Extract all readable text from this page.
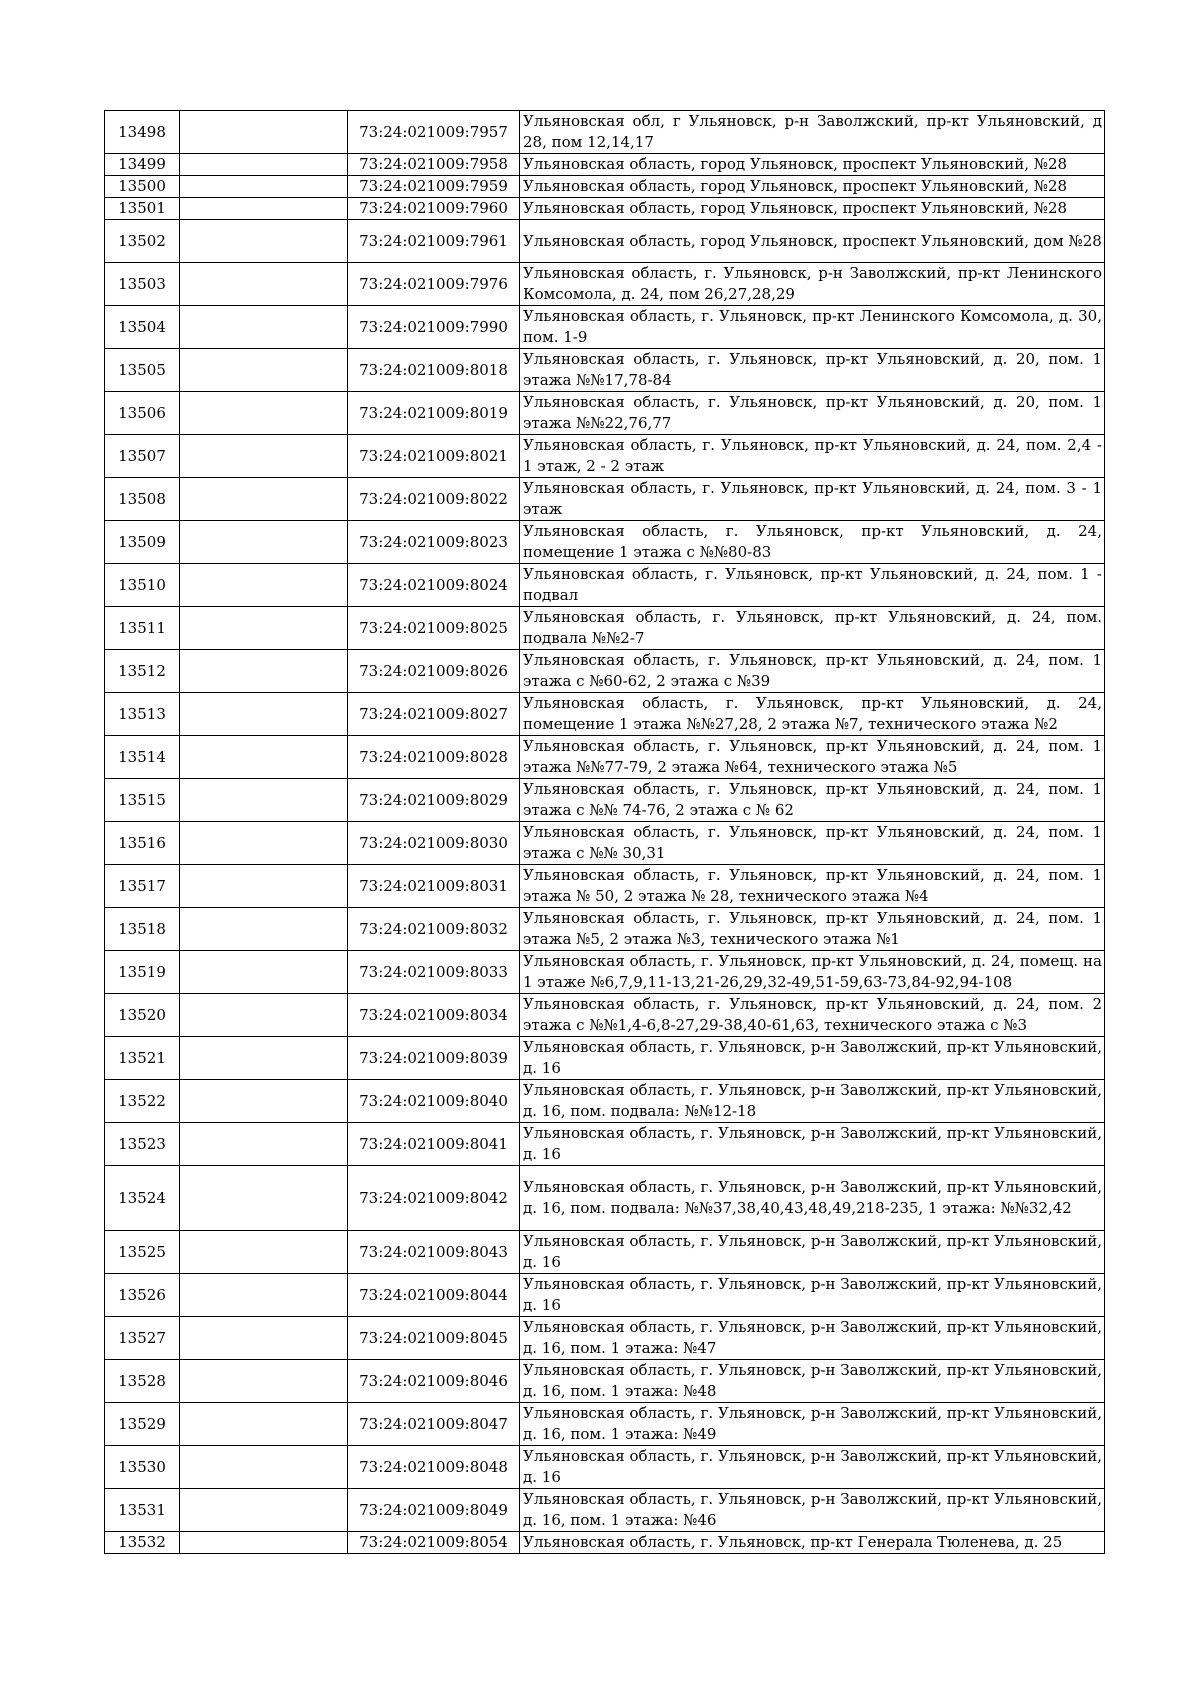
13498		73:24:021009:7957	Ульяновская обл, г Ульяновск, р-н Заволжский, пр-кт Ульяновский, д 28, пом 12,14,17
13499		73:24:021009:7958	Ульяновская область, город Ульяновск, проспект Ульяновский, №28
13500		73:24:021009:7959	Ульяновская область, город Ульяновск, проспект Ульяновский, №28
13501		73:24:021009:7960	Ульяновская область, город Ульяновск, проспект Ульяновский, №28
13502		73:24:021009:7961	Ульяновская область, город Ульяновск, проспект Ульяновский, дом №28
13503		73:24:021009:7976	Ульяновская область, г. Ульяновск, р-н Заволжский, пр-кт Ленинского Комсомола, д. 24, пом 26,27,28,29
13504		73:24:021009:7990	Ульяновская область, г. Ульяновск, пр-кт Ленинского Комсомола, д. 30, пом. 1-9
13505		73:24:021009:8018	Ульяновская область, г. Ульяновск, пр-кт Ульяновский, д. 20, пом. 1 этажа №№17,78-84
13506		73:24:021009:8019	Ульяновская область, г. Ульяновск, пр-кт Ульяновский, д. 20, пом. 1 этажа №№22,76,77
13507		73:24:021009:8021	Ульяновская область, г. Ульяновск, пр-кт Ульяновский, д. 24, пом. 2,4 - 1 этаж, 2 - 2 этаж
13508		73:24:021009:8022	Ульяновская область, г. Ульяновск, пр-кт Ульяновский, д. 24, пом. 3 - 1 этаж
13509		73:24:021009:8023	Ульяновская область, г. Ульяновск, пр-кт Ульяновский, д. 24, помещение 1 этажа с №№80-83
13510		73:24:021009:8024	Ульяновская область, г. Ульяновск, пр-кт Ульяновский, д. 24, пом. 1 - подвал
13511		73:24:021009:8025	Ульяновская область, г. Ульяновск, пр-кт Ульяновский, д. 24, пом. подвала №№2-7
13512		73:24:021009:8026	Ульяновская область, г. Ульяновск, пр-кт Ульяновский, д. 24, пом. 1 этажа с №60-62, 2 этажа с №39
13513		73:24:021009:8027	Ульяновская область, г. Ульяновск, пр-кт Ульяновский, д. 24, помещение 1 этажа №№27,28, 2 этажа №7, технического этажа №2
13514		73:24:021009:8028	Ульяновская область, г. Ульяновск, пр-кт Ульяновский, д. 24, пом. 1 этажа №№77-79, 2 этажа №64, технического этажа №5
13515		73:24:021009:8029	Ульяновская область, г. Ульяновск, пр-кт Ульяновский, д. 24, пом. 1 этажа с №№ 74-76, 2 этажа с № 62
13516		73:24:021009:8030	Ульяновская область, г. Ульяновск, пр-кт Ульяновский, д. 24, пом. 1 этажа с №№ 30,31
13517		73:24:021009:8031	Ульяновская область, г. Ульяновск, пр-кт Ульяновский, д. 24, пом. 1 этажа № 50, 2 этажа № 28, технического этажа №4
13518		73:24:021009:8032	Ульяновская область, г. Ульяновск, пр-кт Ульяновский, д. 24, пом. 1 этажа №5, 2 этажа №3, технического этажа №1
13519		73:24:021009:8033	Ульяновская область, г. Ульяновск, пр-кт Ульяновский, д. 24, помещ. на 1 этаже №6,7,9,11-13,21-26,29,32-49,51-59,63-73,84-92,94-108
13520		73:24:021009:8034	Ульяновская область, г. Ульяновск, пр-кт Ульяновский, д. 24, пом. 2 этажа с №№1,4-6,8-27,29-38,40-61,63, технического этажа с №3
13521		73:24:021009:8039	Ульяновская область, г. Ульяновск, р-н Заволжский, пр-кт Ульяновский, д. 16
13522		73:24:021009:8040	Ульяновская область, г. Ульяновск, р-н Заволжский, пр-кт Ульяновский, д. 16, пом. подвала: №№12-18
13523		73:24:021009:8041	Ульяновская область, г. Ульяновск, р-н Заволжский, пр-кт Ульяновский, д. 16
13524		73:24:021009:8042	Ульяновская область, г. Ульяновск, р-н Заволжский, пр-кт Ульяновский, д. 16, пом. подвала: №№37,38,40,43,48,49,218-235, 1 этажа: №№32,42
13525		73:24:021009:8043	Ульяновская область, г. Ульяновск, р-н Заволжский, пр-кт Ульяновский, д. 16
13526		73:24:021009:8044	Ульяновская область, г. Ульяновск, р-н Заволжский, пр-кт Ульяновский, д. 16
13527		73:24:021009:8045	Ульяновская область, г. Ульяновск, р-н Заволжский, пр-кт Ульяновский, д. 16, пом. 1 этажа: №47
13528		73:24:021009:8046	Ульяновская область, г. Ульяновск, р-н Заволжский, пр-кт Ульяновский, д. 16, пом. 1 этажа: №48
13529		73:24:021009:8047	Ульяновская область, г. Ульяновск, р-н Заволжский, пр-кт Ульяновский, д. 16, пом. 1 этажа: №49
13530		73:24:021009:8048	Ульяновская область, г. Ульяновск, р-н Заволжский, пр-кт Ульяновский, д. 16
13531		73:24:021009:8049	Ульяновская область, г. Ульяновск, р-н Заволжский, пр-кт Ульяновский, д. 16, пом. 1 этажа: №46
13532		73:24:021009:8054	Ульяновская область, г. Ульяновск, пр-кт Генерала Тюленева, д. 25
